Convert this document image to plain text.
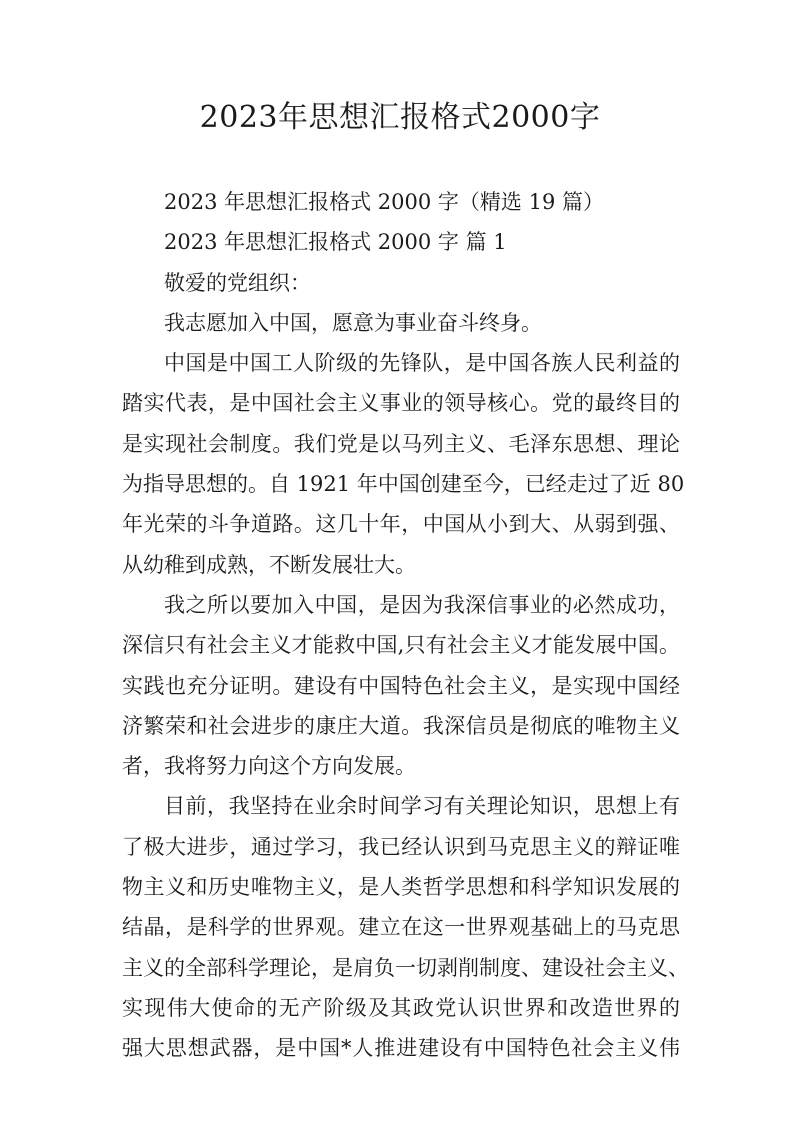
2023年思想汇报格式2000字

2023 年思想汇报格式 2000 字（精选 19 篇）

2023 年思想汇报格式 2000 字 篇 1

敬爱的党组织：

我志愿加入中国，愿意为事业奋斗终身。

中国是中国工人阶级的先锋队，是中国各族人民利益的

踏实代表，是中国社会主义事业的领导核心。党的最终目的

是实现社会制度。我们党是以马列主义、毛泽东思想、理论

为指导思想的。自 1921 年中国创建至今，已经走过了近 80

年光荣的斗争道路。这几十年，中国从小到大、从弱到强、

从幼稚到成熟，不断发展壮大。

我之所以要加入中国，是因为我深信事业的必然成功，

深信只有社会主义才能救中国,只有社会主义才能发展中国。

实践也充分证明。建设有中国特色社会主义，是实现中国经

济繁荣和社会进步的康庄大道。我深信员是彻底的唯物主义

者，我将努力向这个方向发展。

目前，我坚持在业余时间学习有关理论知识，思想上有

了极大进步，通过学习，我已经认识到马克思主义的辩证唯

物主义和历史唯物主义，是人类哲学思想和科学知识发展的

结晶，是科学的世界观。建立在这一世界观基础上的马克思

主义的全部科学理论，是肩负一切剥削制度、建设社会主义、

实现伟大使命的无产阶级及其政党认识世界和改造世界的

强大思想武器，是中国*人推进建设有中国特色社会主义伟
